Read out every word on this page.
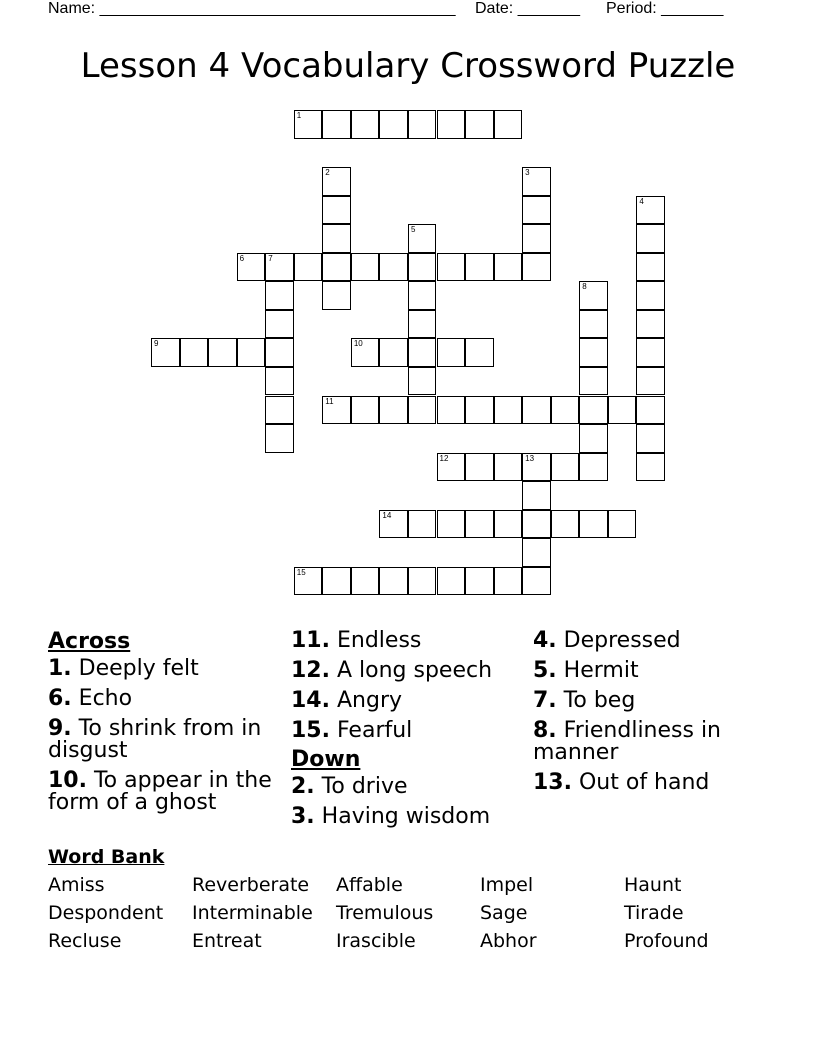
Name: ________________________________________ Date: _______ Period: _______
Lesson 4 Vocabulary Crossword Puzzle
1
2	3
4
5
6	7
8
9	10
11
12	13
14
15
Across
1. Deeply felt
6. Echo
9. To shrink from in disgust
10. To appear in the form of a ghost
11. Endless
12. A long speech
14. Angry
15. Fearful
Down
2. To drive
3. Having wisdom
4. Depressed
5. Hermit
7. To beg
8. Friendliness in manner
13. Out of hand
Word Bank
Amiss	Reverberate Affable	Impel	Haunt
Despondent Interminable Tremulous Sage	Tirade
Recluse	Entreat	Irascible	Abhor	Profound
